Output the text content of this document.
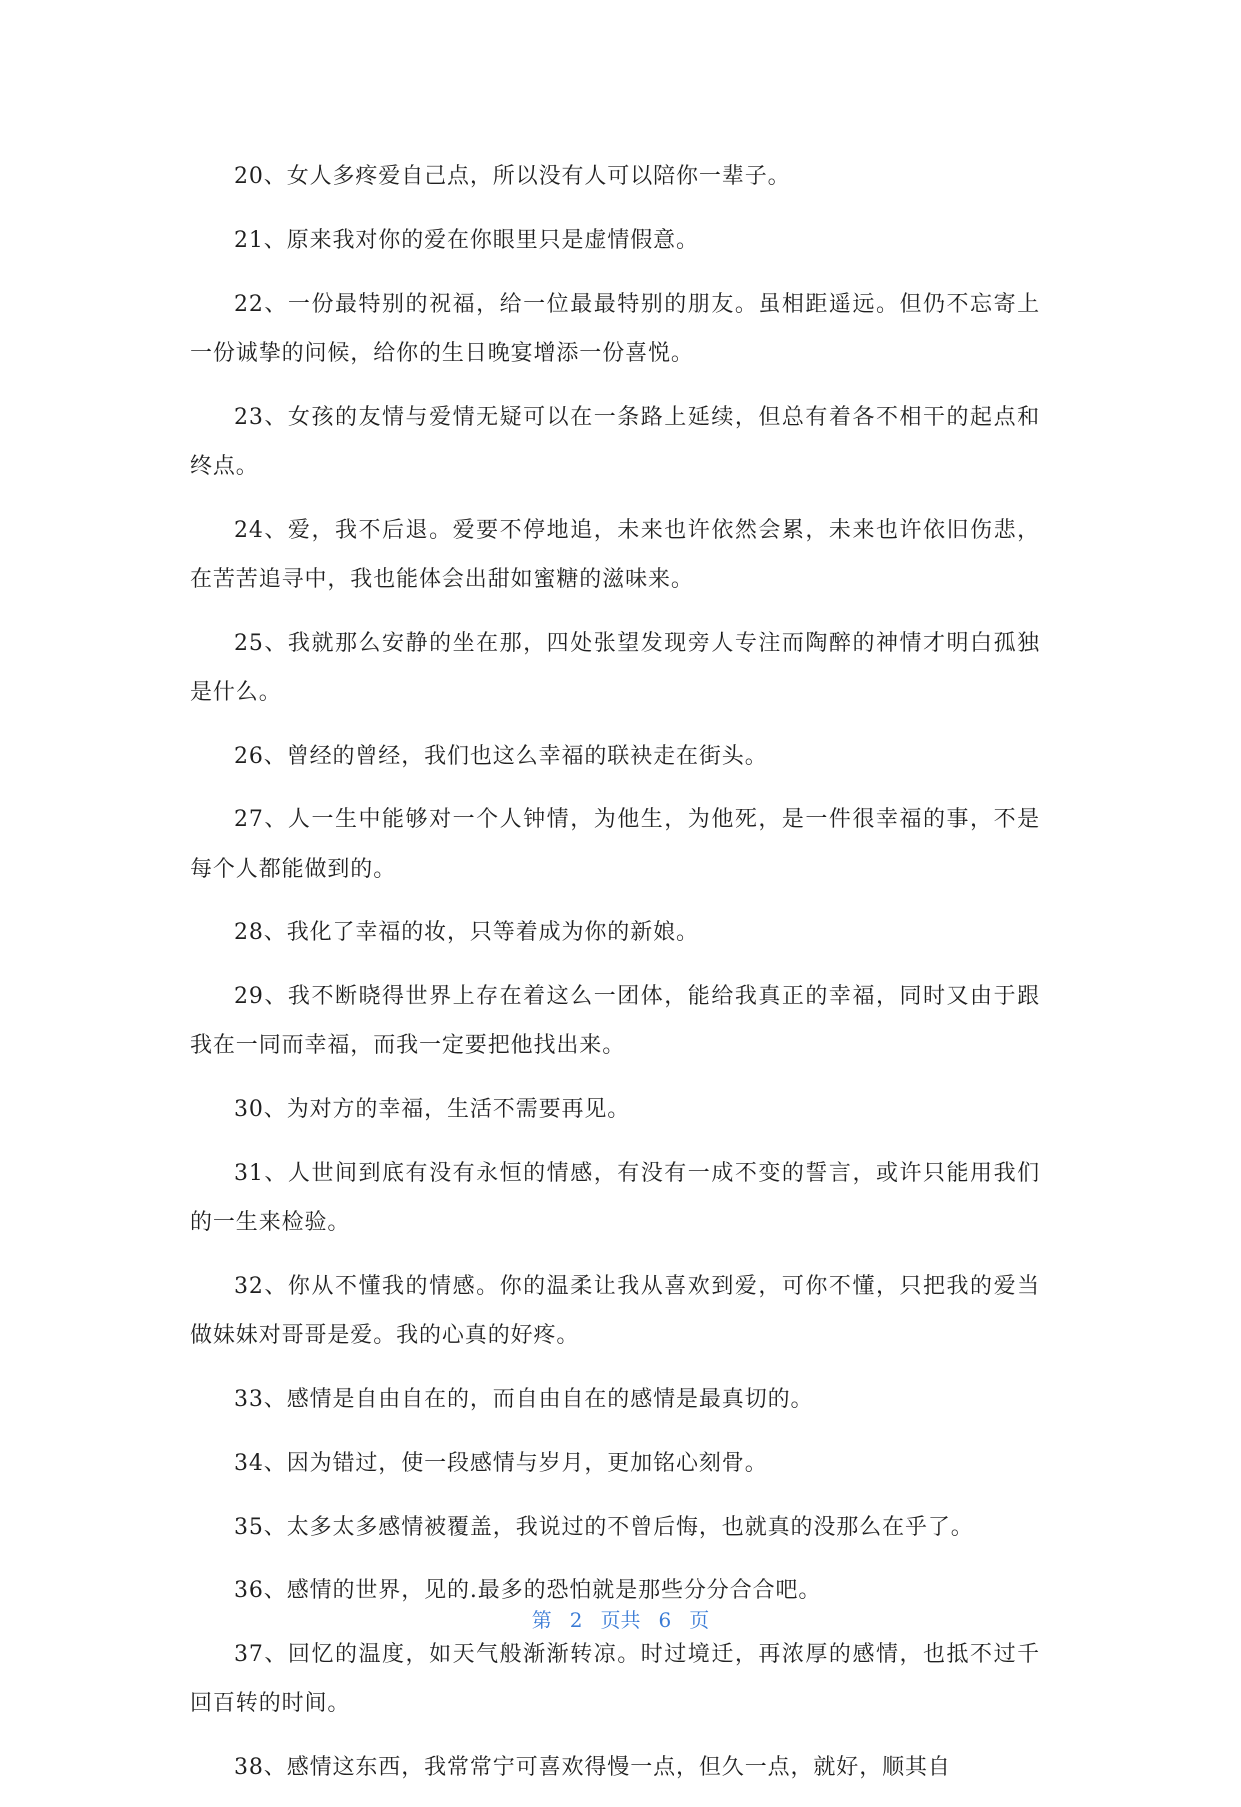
20、女人多疼爱自己点，所以没有人可以陪你一辈子。

21、原来我对你的爱在你眼里只是虚情假意。

22、一份最特别的祝福，给一位最最特别的朋友。虽相距遥远。但仍不忘寄上一份诚挚的问候，给你的生日晚宴增添一份喜悦。

23、女孩的友情与爱情无疑可以在一条路上延续，但总有着各不相干的起点和终点。

24、爱，我不后退。爱要不停地追，未来也许依然会累，未来也许依旧伤悲，在苦苦追寻中，我也能体会出甜如蜜糖的滋味来。

25、我就那么安静的坐在那，四处张望发现旁人专注而陶醉的神情才明白孤独是什么。

26、曾经的曾经，我们也这么幸福的联袂走在街头。

27、人一生中能够对一个人钟情，为他生，为他死，是一件很幸福的事，不是每个人都能做到的。

28、我化了幸福的妆，只等着成为你的新娘。

29、我不断晓得世界上存在着这么一团体，能给我真正的幸福，同时又由于跟我在一同而幸福，而我一定要把他找出来。

30、为对方的幸福，生活不需要再见。

31、人世间到底有没有永恒的情感，有没有一成不变的誓言，或许只能用我们的一生来检验。

32、你从不懂我的情感。你的温柔让我从喜欢到爱，可你不懂，只把我的爱当做妹妹对哥哥是爱。我的心真的好疼。

33、感情是自由自在的，而自由自在的感情是最真切的。

34、因为错过，使一段感情与岁月，更加铭心刻骨。

35、太多太多感情被覆盖，我说过的不曾后悔，也就真的没那么在乎了。

36、感情的世界，见的.最多的恐怕就是那些分分合合吧。

37、回忆的温度，如天气般渐渐转凉。时过境迁，再浓厚的感情，也抵不过千回百转的时间。

38、感情这东西，我常常宁可喜欢得慢一点，但久一点，就好，顺其自

第 2 页共 6 页
